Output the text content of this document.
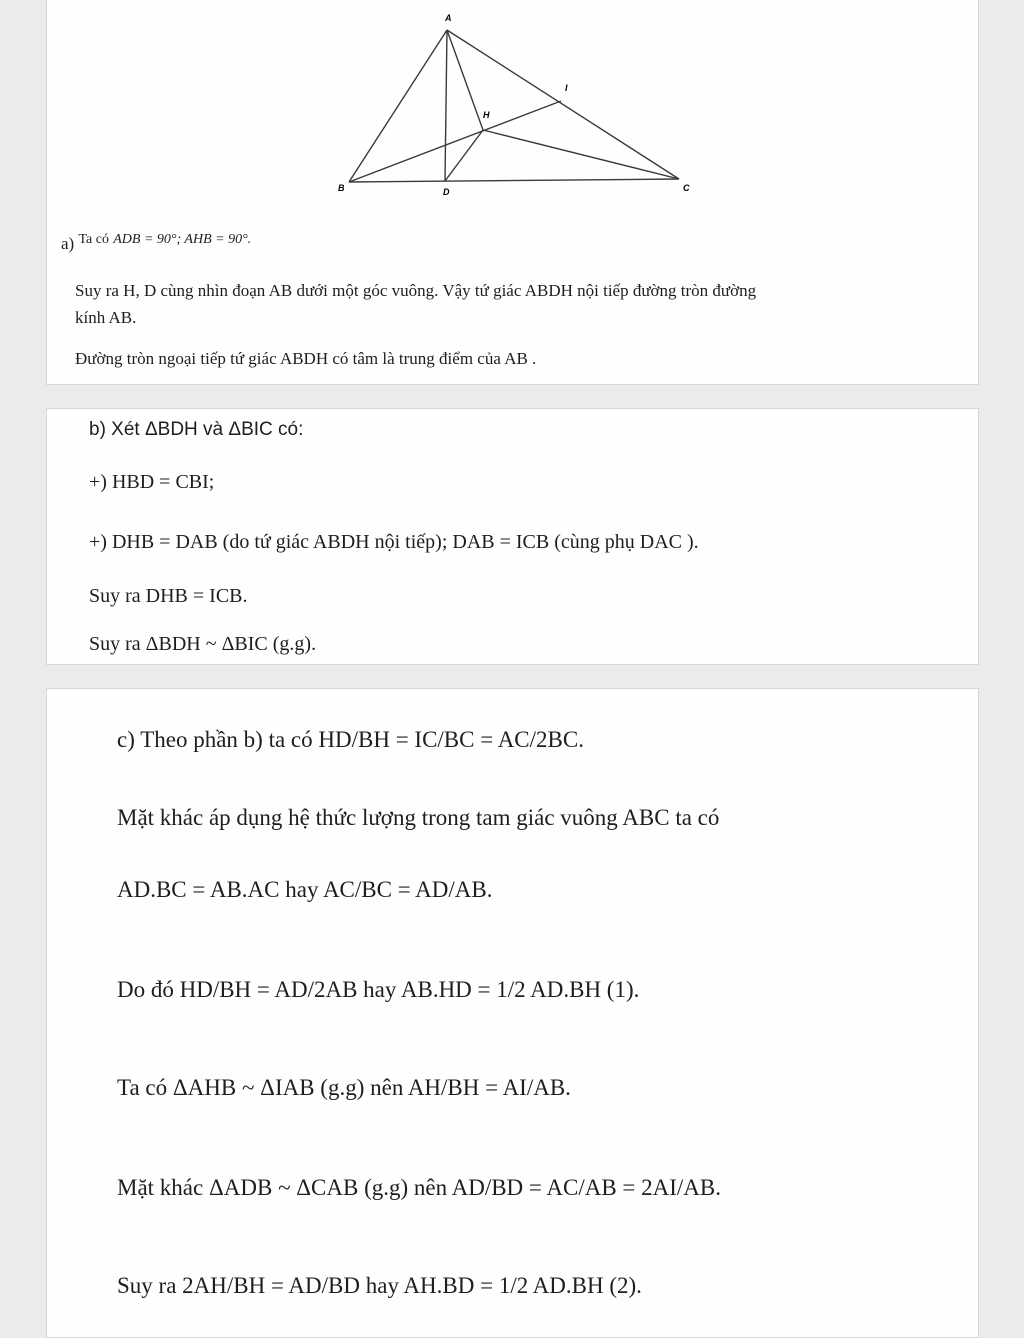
A
B	C
D
H
I
a) Ta có ADB = 90°; AHB = 90°.
Suy ra H, D cùng nhìn đoạn AB dưới một góc vuông. Vậy tứ giác ABDH nội tiếp đường tròn đường
kính AB.
Đường tròn ngoại tiếp tứ giác ABDH có tâm là trung điểm của AB .
b) Xét ΔBDH và ΔBIC có:
+) HBD = CBI;
+) DHB = DAB (do tứ giác ABDH nội tiếp); DAB = ICB (cùng phụ DAC ).
Suy ra DHB = ICB.
Suy ra ΔBDH ~ ΔBIC (g.g).
c) Theo phần b) ta có HD/BH = IC/BC = AC/2BC.
Mặt khác áp dụng hệ thức lượng trong tam giác vuông ABC ta có
AD.BC = AB.AC hay AC/BC = AD/AB.
Do đó HD/BH = AD/2AB hay AB.HD = 1/2 AD.BH (1).
Ta có ΔAHB ~ ΔIAB (g.g) nên AH/BH = AI/AB.
Mặt khác ΔADB ~ ΔCAB (g.g) nên AD/BD = AC/AB = 2AI/AB.
Suy ra 2AH/BH = AD/BD hay AH.BD = 1/2 AD.BH (2).
